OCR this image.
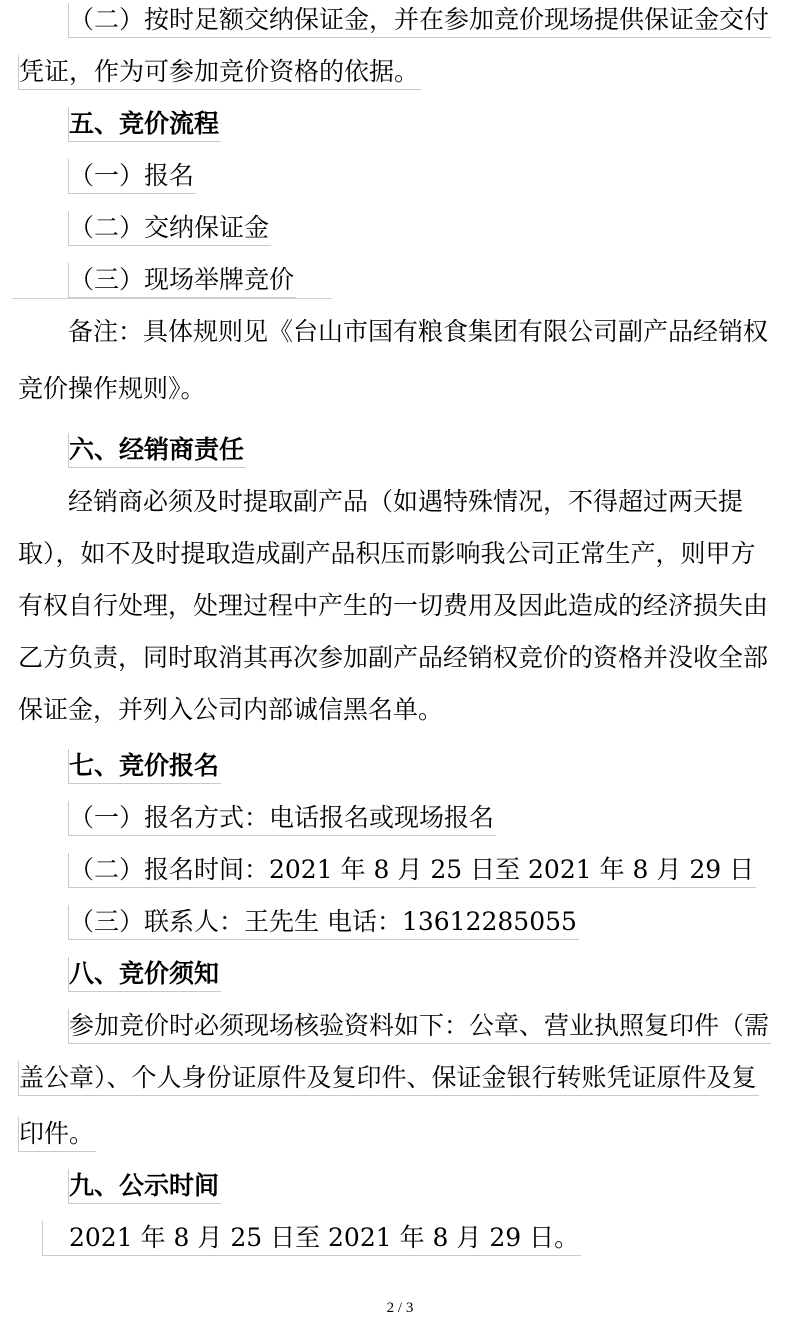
（二）按时足额交纳保证金，并在参加竞价现场提供保证金交付
凭证，作为可参加竞价资格的依据。
五、竞价流程
（一）报名
（二）交纳保证金
（三）现场举牌竞价
备注：具体规则见《台山市国有粮食集团有限公司副产品经销权
竞价操作规则》。
六、经销商责任
经销商必须及时提取副产品（如遇特殊情况，不得超过两天提
取），如不及时提取造成副产品积压而影响我公司正常生产，则甲方
有权自行处理，处理过程中产生的一切费用及因此造成的经济损失由
乙方负责，同时取消其再次参加副产品经销权竞价的资格并没收全部
保证金，并列入公司内部诚信黑名单。
七、竞价报名
（一）报名方式：电话报名或现场报名
（二）报名时间：2021 年 8 月 25 日至 2021 年 8 月 29 日
（三）联系人：王先生 电话：13612285055
八、竞价须知
参加竞价时必须现场核验资料如下：公章、营业执照复印件（需
盖公章）、个人身份证原件及复印件、保证金银行转账凭证原件及复
印件。
九、公示时间
2021 年 8 月 25 日至 2021 年 8 月 29 日。
2 / 3
